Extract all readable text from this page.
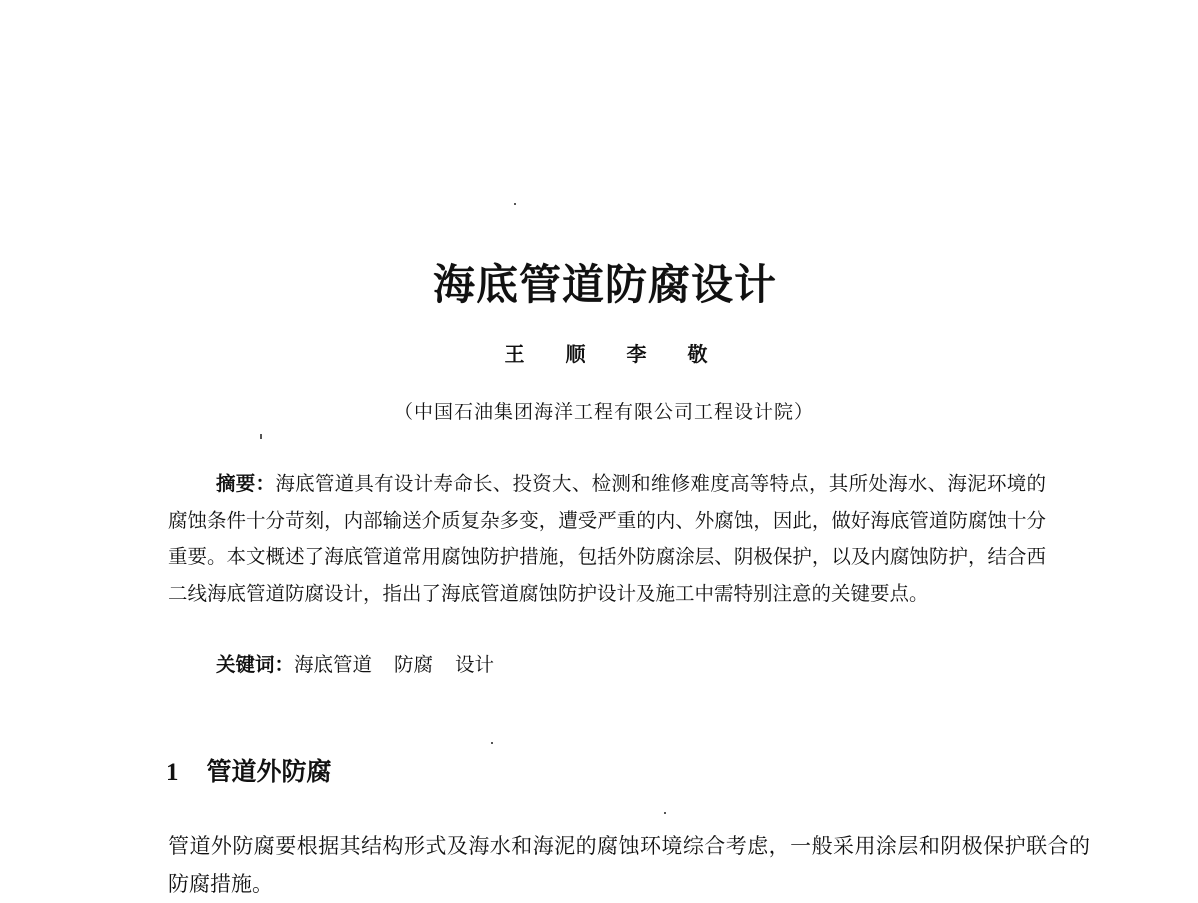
海底管道防腐设计
王 顺 李 敬
（中国石油集团海洋工程有限公司工程设计院）

摘要：海底管道具有设计寿命长、投资大、检测和维修难度高等特点，其所处海水、海泥环境的腐蚀条件十分苛刻，内部输送介质复杂多变，遭受严重的内、外腐蚀，因此，做好海底管道防腐蚀十分重要。本文概述了海底管道常用腐蚀防护措施，包括外防腐涂层、阴极保护，以及内腐蚀防护，结合西二线海底管道防腐设计，指出了海底管道腐蚀防护设计及施工中需特别注意的关键要点。

关键词：海底管道 防腐 设计
1 管道外防腐

管道外防腐要根据其结构形式及海水和海泥的腐蚀环境综合考虑，一般采用涂层和阴极保护联合的防腐措施。
